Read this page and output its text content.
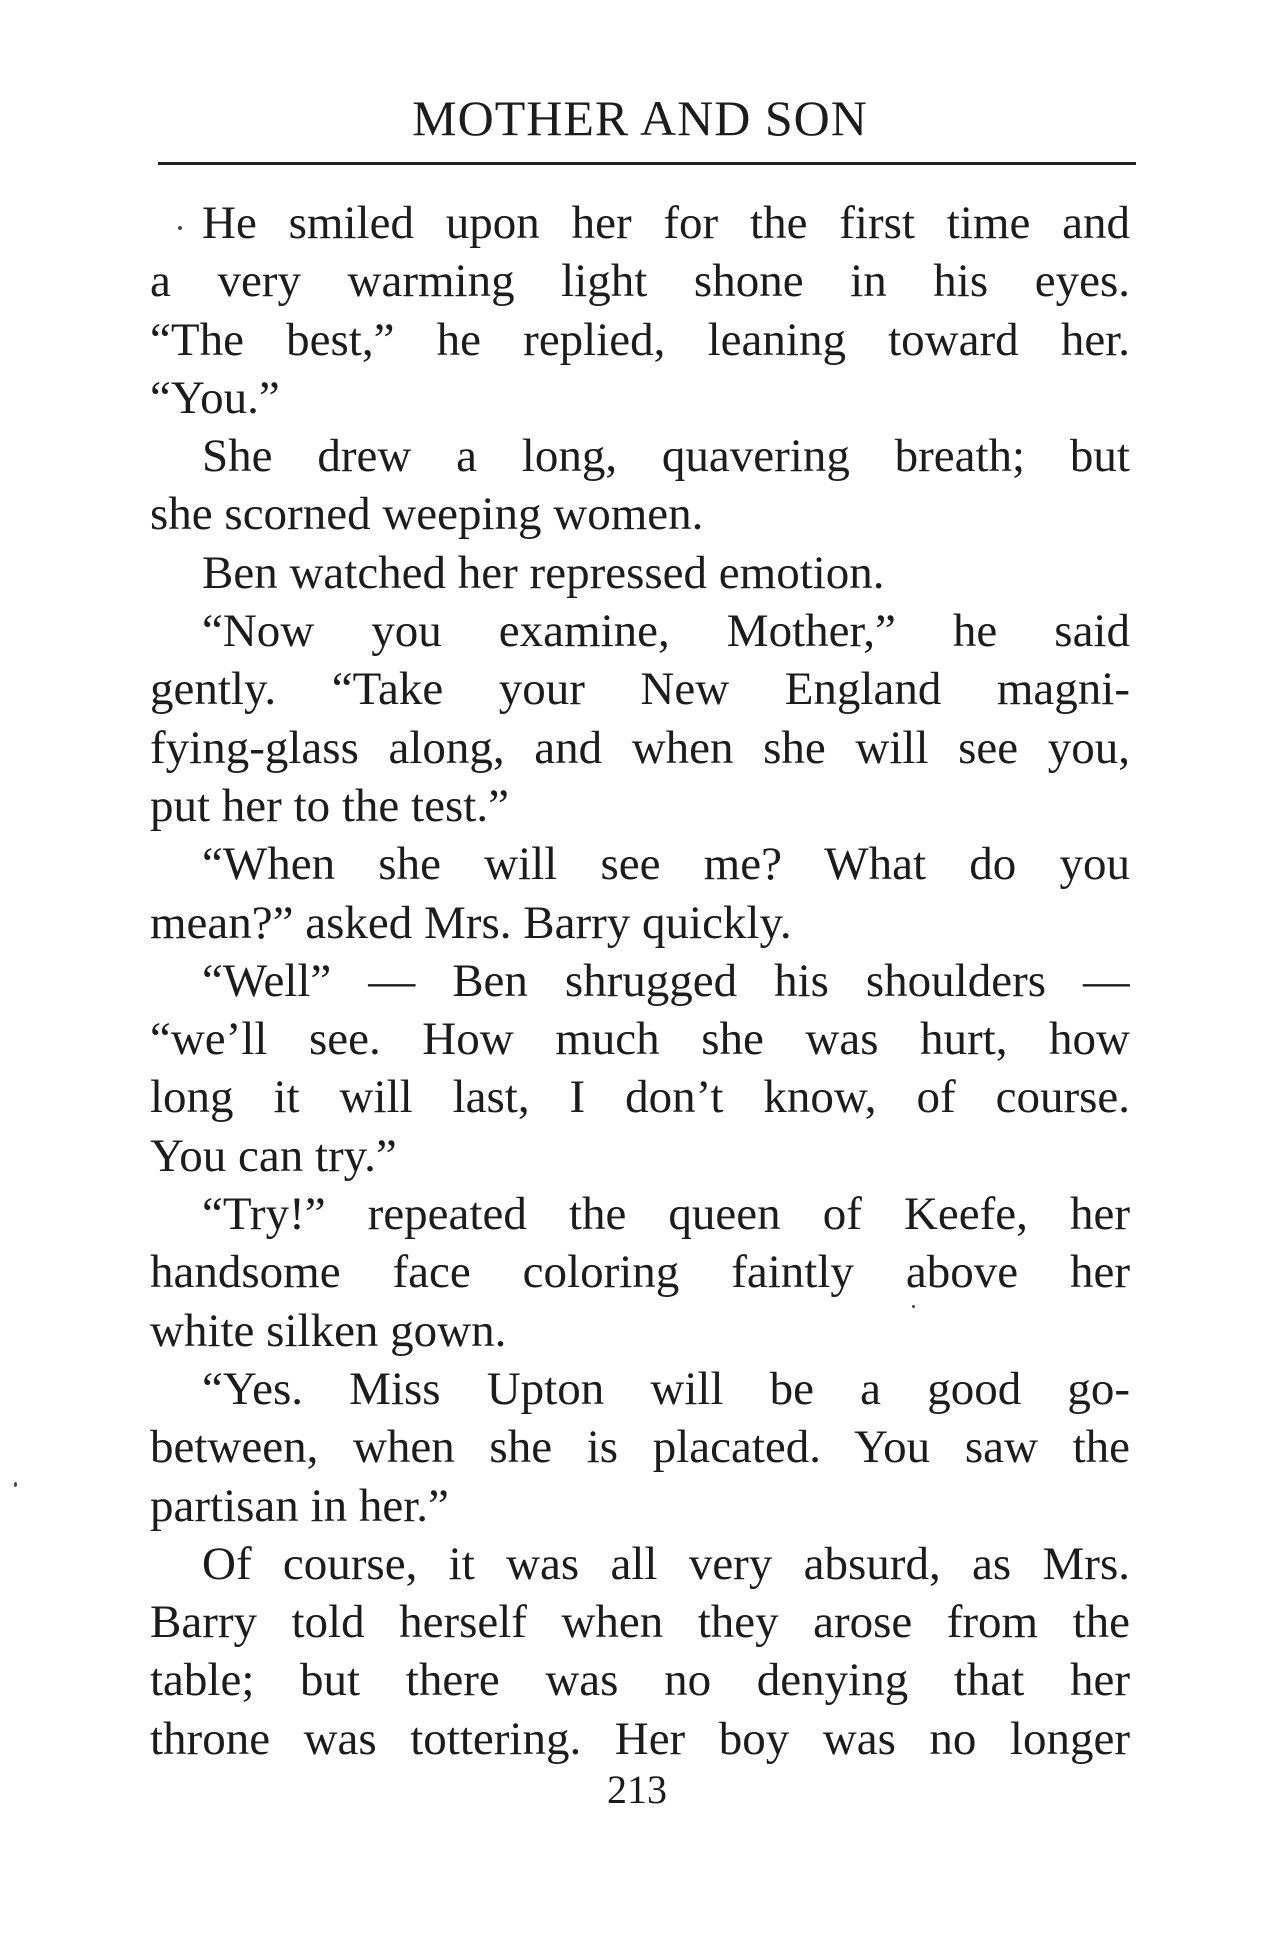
MOTHER AND SON
He smiled upon her for the first time and
a very warming light shone in his eyes.
“The best,” he replied, leaning toward her.
“You.”
She drew a long, quavering breath; but
she scorned weeping women.
Ben watched her repressed emotion.
“Now you examine, Mother,” he said
gently. “Take your New England magni-
fying-glass along, and when she will see you,
put her to the test.”
“When she will see me? What do you
mean?” asked Mrs. Barry quickly.
“Well” — Ben shrugged his shoulders —
“we’ll see. How much she was hurt, how
long it will last, I don’t know, of course.
You can try.”
“Try!” repeated the queen of Keefe, her
handsome face coloring faintly above her
white silken gown.
“Yes. Miss Upton will be a good go-
between, when she is placated. You saw the
partisan in her.”
Of course, it was all very absurd, as Mrs.
Barry told herself when they arose from the
table; but there was no denying that her
throne was tottering. Her boy was no longer
213
